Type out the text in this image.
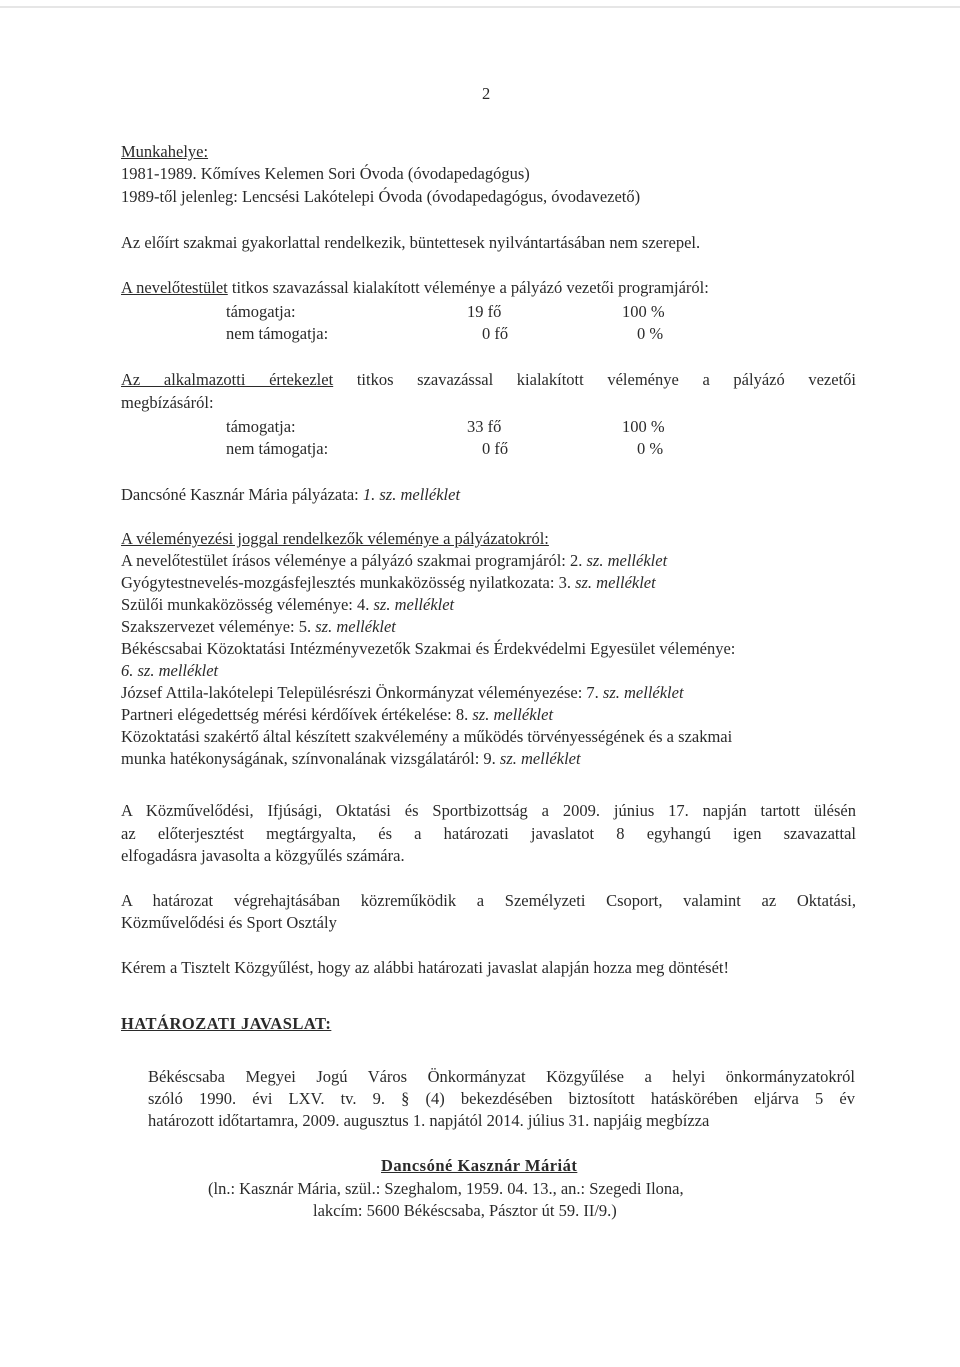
2
Munkahelye:
1981-1989. Kőmíves Kelemen Sori Óvoda (óvodapedagógus)
1989-től jelenleg: Lencsési Lakótelepi Óvoda (óvodapedagógus, óvodavezető)
Az előírt szakmai gyakorlattal rendelkezik, büntettesek nyilvántartásában nem szerepel.
A nevelőtestület titkos szavazással kialakított véleménye a pályázó vezetői programjáról:
támogatja:	19 fő	100 %
nem támogatja:	0 fő	0 %
Az alkalmazotti értekezlet titkos szavazással kialakított véleménye a pályázó vezetői
megbízásáról:
támogatja:	33 fő	100 %
nem támogatja:	0 fő	0 %
Dancsóné Kasznár Mária pályázata: 1. sz. melléklet
A véleményezési joggal rendelkezők véleménye a pályázatokról:
A nevelőtestület írásos véleménye a pályázó szakmai programjáról: 2. sz. melléklet
Gyógytestnevelés-mozgásfejlesztés munkaközösség nyilatkozata: 3. sz. melléklet
Szülői munkaközösség véleménye: 4. sz. melléklet
Szakszervezet véleménye: 5. sz. melléklet
Békéscsabai Közoktatási Intézményvezetők Szakmai és Érdekvédelmi Egyesület véleménye:
6. sz. melléklet
József Attila-lakótelepi Településrészi Önkormányzat véleményezése: 7. sz. melléklet
Partneri elégedettség mérési kérdőívek értékelése: 8. sz. melléklet
Közoktatási szakértő által készített szakvélemény a működés törvényességének és a szakmai
munka hatékonyságának, színvonalának vizsgálatáról: 9. sz. melléklet
A Közművelődési, Ifjúsági, Oktatási és Sportbizottság a 2009. június 17. napján tartott ülésén
az előterjesztést megtárgyalta, és a határozati javaslatot 8 egyhangú igen szavazattal
elfogadásra javasolta a közgyűlés számára.
A határozat végrehajtásában közreműködik a Személyzeti Csoport, valamint az Oktatási,
Közművelődési és Sport Osztály
Kérem a Tisztelt Közgyűlést, hogy az alábbi határozati javaslat alapján hozza meg döntését!
HATÁROZATI JAVASLAT:
Békéscsaba Megyei Jogú Város Önkormányzat Közgyűlése a helyi önkormányzatokról
szóló 1990. évi LXV. tv. 9. § (4) bekezdésében biztosított hatáskörében eljárva 5 év
határozott időtartamra, 2009. augusztus 1. napjától 2014. július 31. napjáig megbízza
Dancsóné Kasznár Máriát
(ln.: Kasznár Mária, szül.: Szeghalom, 1959. 04. 13., an.: Szegedi Ilona,
lakcím: 5600 Békéscsaba, Pásztor út 59. II/9.)
